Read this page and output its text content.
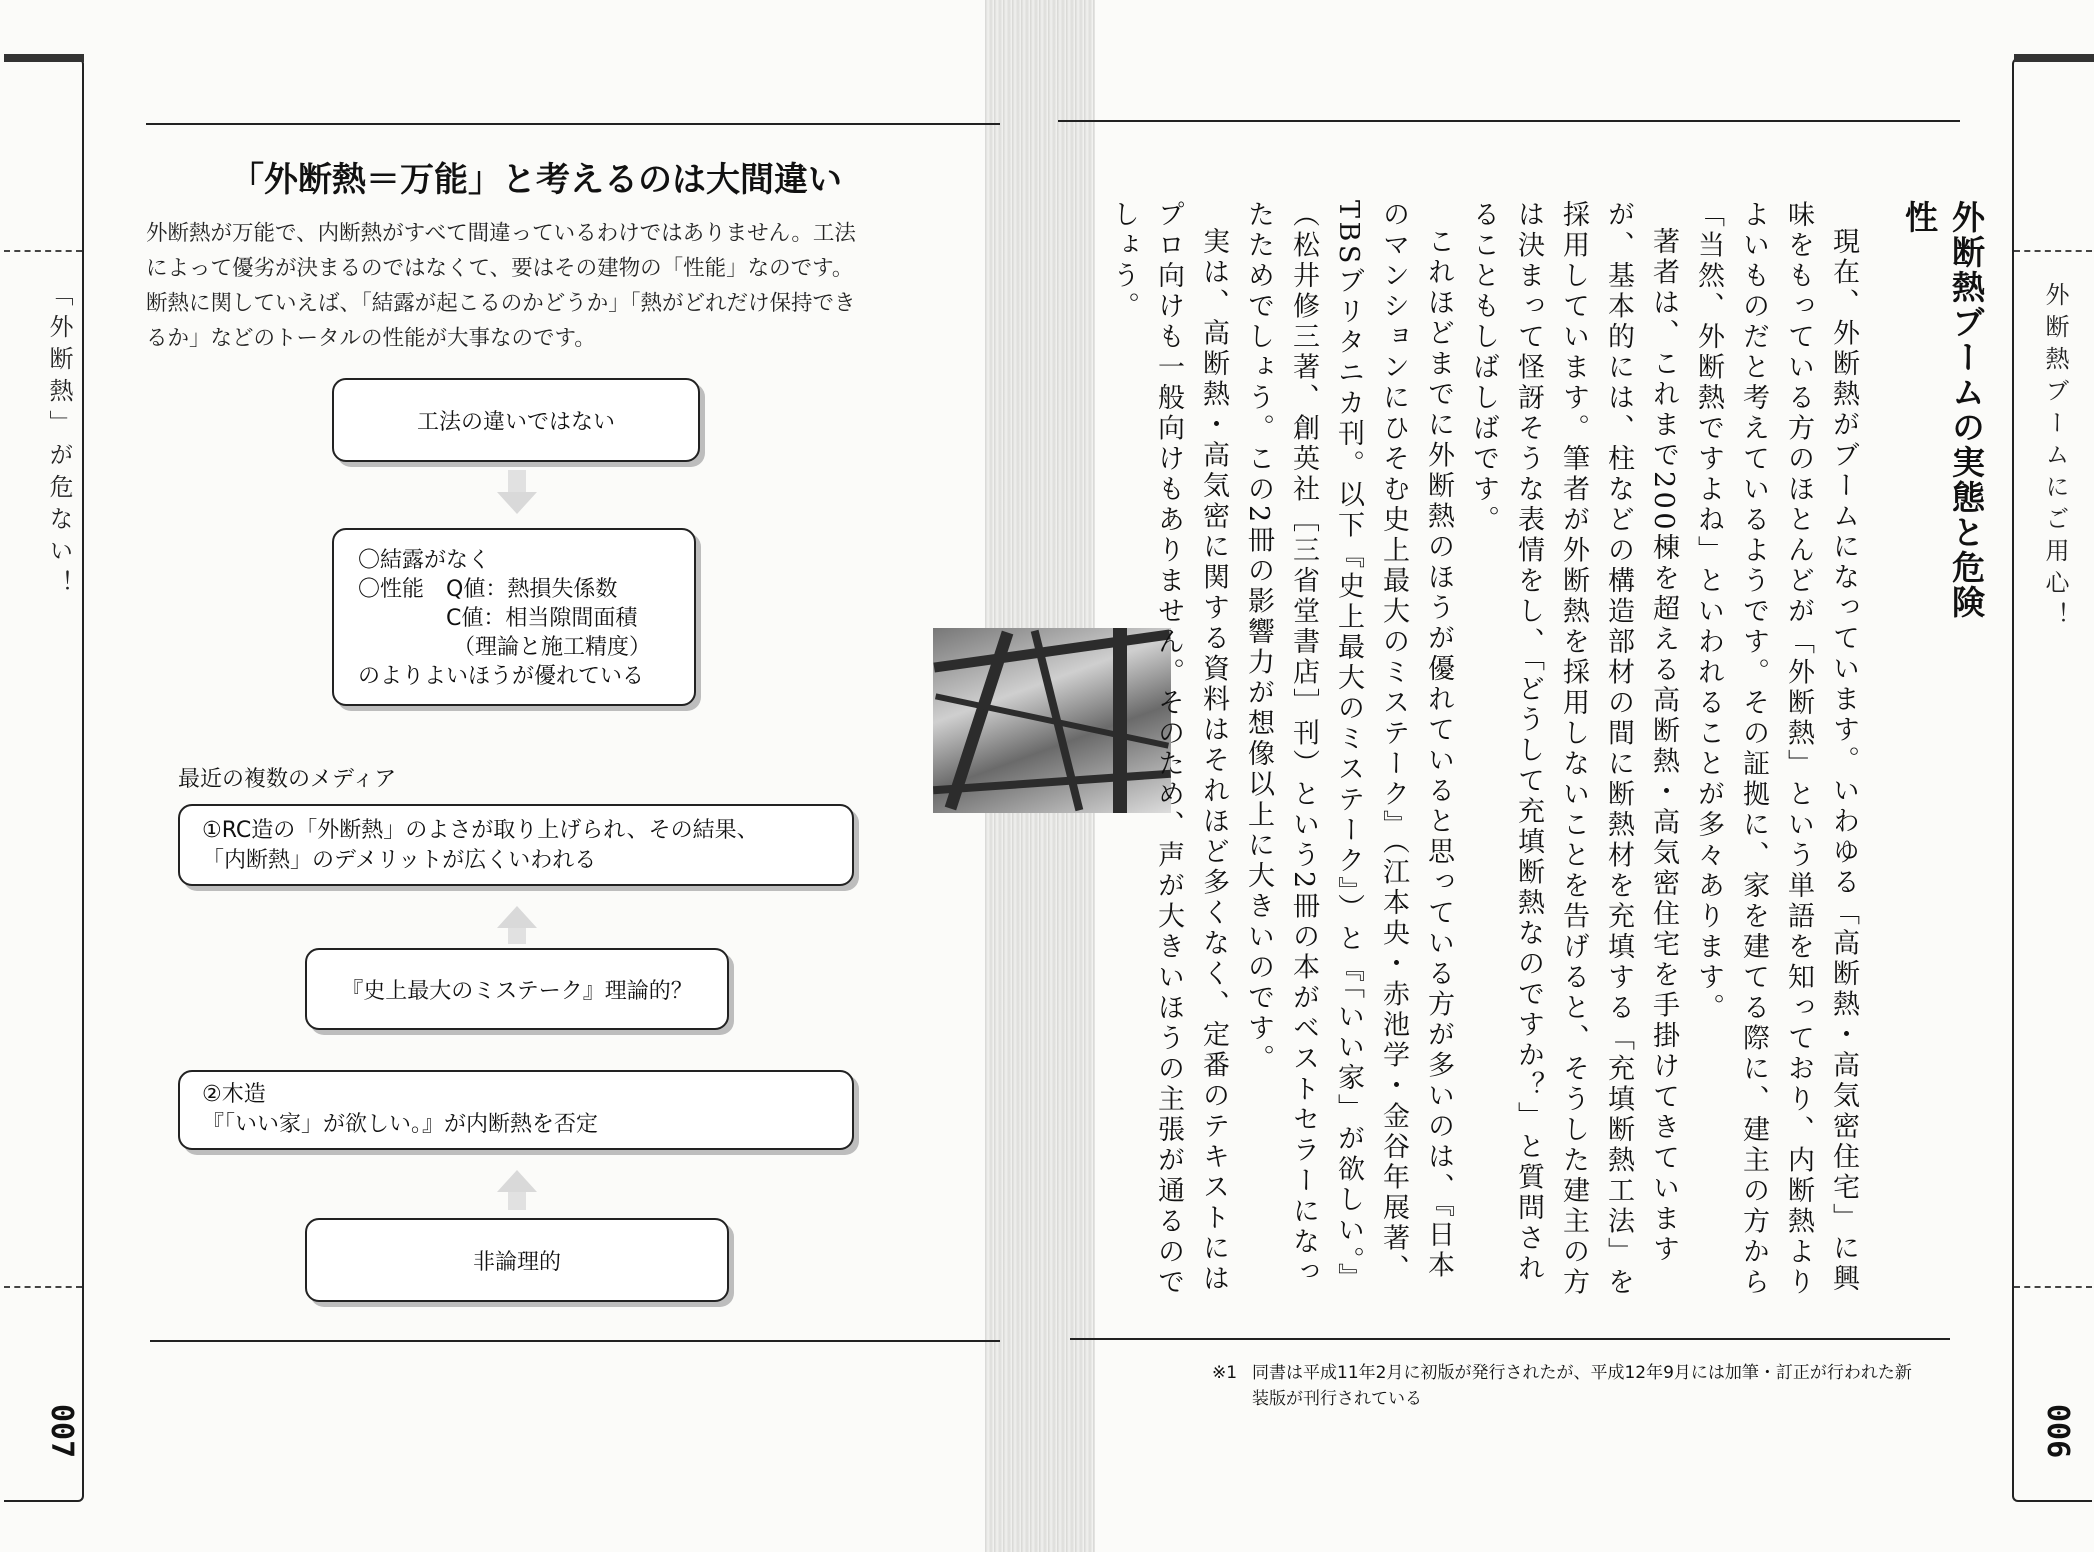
「外断熱」が危ない！
007
外断熱ブームにご用心！
006
「外断熱＝万能」と考えるのは大間違い
外断熱が万能で、内断熱がすべて間違っているわけではありません。工法
によって優劣が決まるのではなくて、要はその建物の「性能」なのです。
断熱に関していえば、「結露が起こるのかどうか」「熱がどれだけ保持でき
るか」などのトータルの性能が大事なのです。
工法の違いではない
〇結露がなく
〇性能　Q値：熱損失係数
　　　　C値：相当隙間面積
　　　　 （理論と施工精度）
のよりよいほうが優れている
最近の複数のメディア
①RC造の「外断熱」のよさが取り上げられ、その結果、
「内断熱」のデメリットが広くいわれる
『史上最大のミステーク』理論的？
②木造
『「いい家」が欲しい。』が内断熱を否定
非論理的
外断熱ブームの実態と危険性

現在、外断熱がブームになっています。いわゆる「高断熱・高気密住宅」に興味をもっている方のほとんどが「外断熱」という単語を知っており、内断熱よりよいものだと考えているようです。その証拠に、家を建てる際に、建主の方から「当然、外断熱ですよね」といわれることが多々あります。

著者は、これまで200棟を超える高断熱・高気密住宅を手掛けてきていますが、基本的には、柱などの構造部材の間に断熱材を充填する「充填断熱工法」を採用しています。筆者が外断熱を採用しないことを告げると、そうした建主の方は決まって怪訝そうな表情をし、「どうして充填断熱なのですか？」と質問されることもしばしばです。

これほどまでに外断熱のほうが優れていると思っている方が多いのは、『日本のマンションにひそむ史上最大のミステーク』（江本央・赤池学・金谷年展著、TBSブリタニカ刊。以下『史上最大のミステーク』）と『「いい家」が欲しい。』（松井修三著、創英社［三省堂書店］刊）という2冊の本がベストセラーになったためでしょう。この2冊の影響力が想像以上に大きいのです。

実は、高断熱・高気密に関する資料はそれほど多くなく、定番のテキストにはプロ向けも一般向けもありません。そのため、声が大きいほうの主張が通るのでしょう。

※1 同書は平成11年2月に初版が発行されたが、平成12年9月には加筆・訂正が行われた新
装版が刊行されている
